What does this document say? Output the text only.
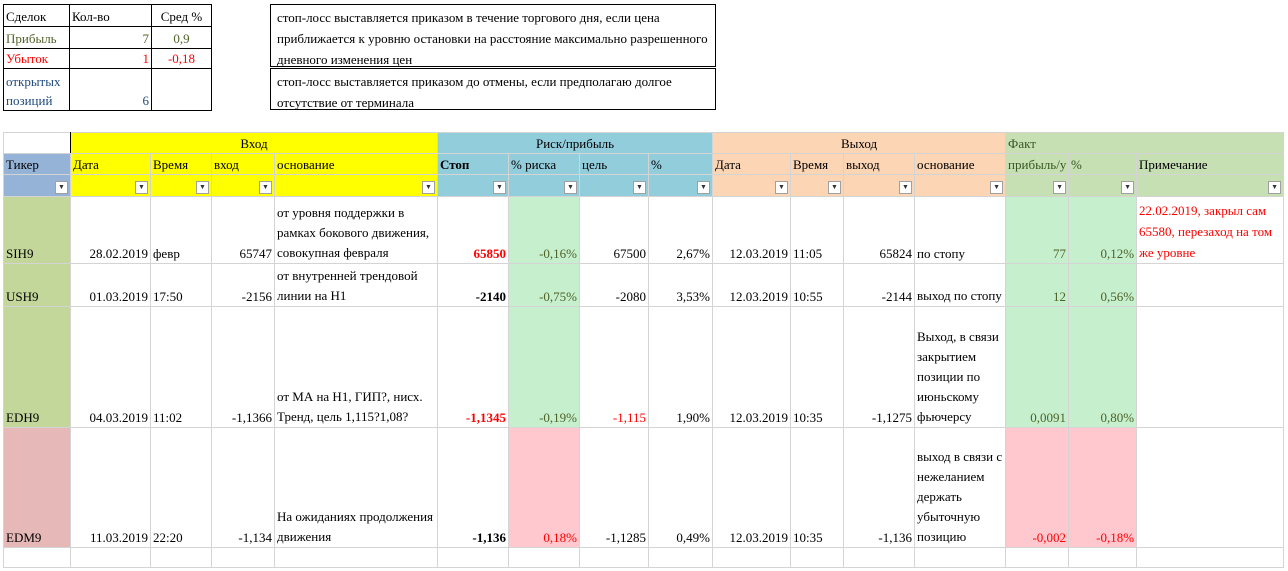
Сделок	Кол-во	Сред %
Прибыль	7	0,9
Убыток	1	-0,18
открытых позиций	6	
стоп-лосс выставляется приказом в течение торгового дня, если цена приближается к уровню остановки на расстояние максимально разрешенного дневного изменения цен
стоп-лосс выставляется приказом до отмены, если предполагаю долгое отсутствие от терминала
	Вход				Риск/прибыль				Выход				Факт		
Тикер	Дата	Время	вход	основание	Стоп	% риска	цель	%	Дата	Время	выход	основание	прибыль/у	%	Примечание

▼	▼	▼	▼	▼	▼	▼	▼	▼	▼	▼	▼	▼	▼	▼	▼

SIH9	28.02.2019	февр	65747	от уровня поддержки в рамках бокового движения, совокупная февраля	65850	-0,16%	67500	2,67%	12.03.2019	11:05	65824	по стопу	77	0,12%	22.02.2019, закрыл сам 65580, перезаход на том же уровне
USH9	01.03.2019	17:50	-2156	от внутренней трендовой линии на H1	-2140	-0,75%	-2080	3,53%	12.03.2019	10:55	-2144	выход по стопу	12	0,56%	
EDH9	04.03.2019	11:02	-1,1366	от МА на Н1, ГИП?, нисх. Тренд, цель 1,115?1,08?	-1,1345	-0,19%	-1,115	1,90%	12.03.2019	10:35	-1,1275	Выход, в связи закрытием позиции по июньскому фьючерсу	0,0091	0,80%	
EDM9	11.03.2019	22:20	-1,134	На ожиданиях продолжения движения	-1,136	0,18%	-1,1285	0,49%	12.03.2019	10:35	-1,136	выход в связи с нежеланием держать убыточную позицию	-0,002	-0,18%	
